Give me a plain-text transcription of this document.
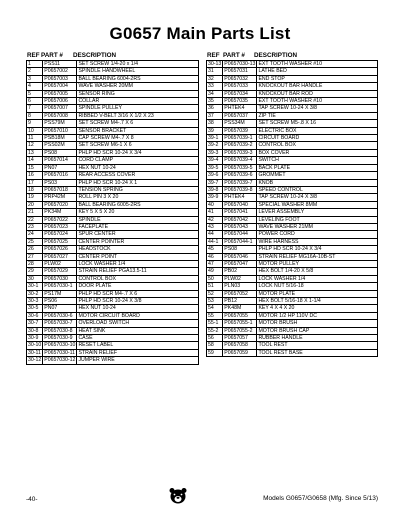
G0657 Main Parts List
REF PART #	DESCRIPTION
1	PSS11	SET SCREW 1/4-20 x 1/4
2	P0657002	SPINDLE HANDWHEEL
3	P0657003	BALL BEARING 6004-2RS
4	P0657004	WAVE WASHER 20MM
5	P0657005	SENSOR RING
6	P0657006	COLLAR
7	P0657007	SPINDLE PULLEY
8	P0657008	RIBBED V-BELT 3/16 X 1/2 X 23
9	PSS79M	SET SCREW M4-.7 X 6
10	P0657010	SENSOR BRACKET
11	PSB18M	CAP SCREW M4-.7 X 8
12	PSS02M	SET SCREW M6-1 X 6
13	PS08	PHLP HD SCR 10-24 X 3/4
14	P0657014	CORD CLAMP
15	PN07	HEX NUT 10-24
16	P0657016	REAR ACCESS COVER
17	PS03	PHLP HD SCR 10-24 X 1
18	P0657018	TENSION SPRING
19	PRP42M	ROLL PIN 3 X 20
20	P0657020	BALL BEARING 6005-2RS
21	PK34M	KEY 5 X 5 X 20
22	P0657022	SPINDLE
23	P0657023	FACEPLATE
24	P0657024	SPUR CENTER
25	P0657025	CENTER POINTER
26	P0657026	HEADSTOCK
27	P0657027	CENTER POINT
28	PLW02	LOCK WASHER 1/4
29	P0657029	STRAIN RELIEF PGA13.5-11
30	P0657030	CONTROL BOX
30-1	P0657030-1	DOOR PLATE
30-2	PS17M	PHLP HD SCR M4-.7 X 6
30-3	PS06	PHLP HD SCR 10-24 X 3/8
30-5	PN07	HEX NUT 10-24
30-6	P0657030-6	MOTOR CIRCUIT BOARD
30-7	P0657030-7	OVERLOAD SWITCH
30-8	P0657030-8	HEAT SINK
30-9	P0657030-9	CASE
30-10	P0657030-10	RESET LABEL
30-11	P0657030-11	STRAIN RELIEF
30-12	P0657030-12	JUMPER WIRE
REF PART #	DESCRIPTION
30-13	P0657030-13	EXT TOOTH WASHER #10
31	P0657031	LATHE BED
32	P0657032	END STOP
33	P0657033	KNOCKOUT BAR HANDLE
34	P0657034	KNOCKOUT BAR ROD
35	P0657035	EXT TOOTH WASHER #10
36	PHTEK4	TAP SCREW 10-24 X 3/8
37	P0657037	ZIP TIE
38	PSS34M	SET SCREW M5-.8 X 16
39	P0657039	ELECTRIC BOX
39-1	P0657039-1	CIRCUIT BOARD
39-2	P0657039-2	CONTROL BOX
39-3	P0657039-3	BOX COVER
39-4	P0657039-4	SWITCH
39-5	P0657039-5	BACK PLATE
39-6	P0657039-6	GROMMET
39-7	P0657039-7	KNOB
39-8	P0657039-8	SPEED CONTROL
39-9	PHTEK4	TAP SCREW 10-24 X 3/8
40	P0657040	SPECIAL WASHER 8MM
41	P0657041	LEVER ASSEMBLY
42	P0657042	LEVELING FOOT
43	P0657043	WAVE WASHER 21MM
44	P0657044	POWER CORD
44-1	P0657044-1	WIRE HARNESS
45	PS08	PHLP HD SCR 10-24 X 3/4
46	P0657046	STRAIN RELIEF MG16A-10B-ST
47	P0657047	MOTOR PULLEY
49	PB02	HEX BOLT 1/4-20 X 5/8
50	PLW02	LOCK WASHER 1/4
51	PLN03	LOCK NUT 5/16-18
52	P0657052	MOTOR PLATE
53	PB12	HEX BOLT 5/16-18 X 1-1/4
54	PK48M	KEY 4 X 4 X 20
55	P0657055	MOTOR 1/2 HP 110V DC
55-1	P0657055-1	MOTOR BRUSH
55-2	P0657055-2	MOTOR BRUSH CAP
56	P0657057	RUBBER HANDLE
58	P0657058	TOOL REST
59	P0657059	TOOL REST BASE
-40-	Models G0657/G0658 (Mfg. Since 5/13)
